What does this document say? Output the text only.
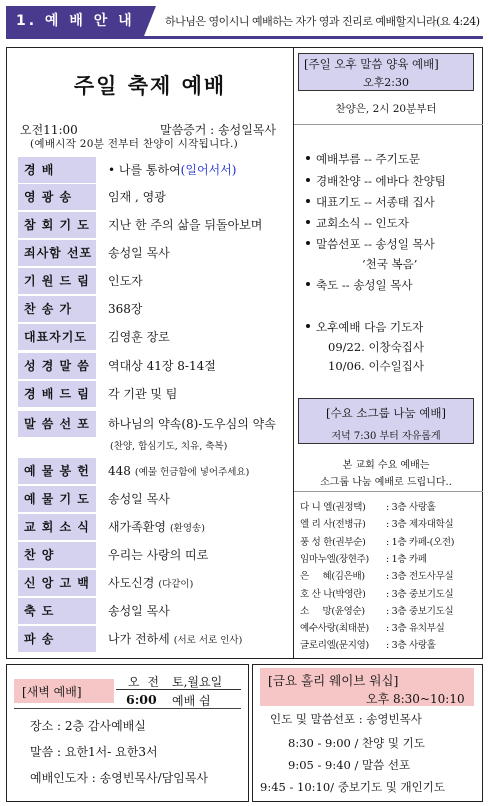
1. 예 배 안 내	하나님은 영이시니 예배하는 자가 영과 진리로 예배할지니라(요 4:24)
주일 축제 예배
오전11:00	말씀증거 : 송성일목사
(예배시작 20분 전부터 찬양이 시작됩니다.)
경 배	• 나를 통하여(일어서서)
영 광 송	임재 , 영광
참 회 기 도	지난 한 주의 삶을 뒤돌아보며
죄사함 선포	송성일 목사
기 원 드 림	인도자
찬 송 가	368장
대표자기도	김영훈 장로
성 경 말 씀	역대상 41장 8-14절
경 배 드 림	각 기관 및 팀
말 씀 선 포	하나님의 약속(8)-도우심의 약속
(찬양, 합심기도, 치유, 축복)
예 물 봉 헌	448 (예물 헌금함에 넣어주세요)
예 물 기 도	송성일 목사
교 회 소 식	새가족환영 (환영송)
찬 양	우리는 사랑의 띠로
신 앙 고 백	사도신경 (다같이)
축 도	송성일 목사
파 송	나가 전하세 (서로 서로 인사)
[주일 오후 말씀 양육 예배]
오후2:30
찬양은, 2시 20분부터
예배부름 -- 주기도문
경배찬양 -- 에바다 찬양팀
대표기도 -- 서종태 집사
교회소식 -- 인도자
말씀선포 -- 송성일 목사
‘천국 복음’
축도 -- 송성일 목사
오후예배 다음 기도자
09/22. 이창숙집사
10/06. 이수일집사
[수요 소그룹 나눔 예배]
저녁 7:30 부터 자유롭게
본 교회 수요 예배는
소그룹 나눔 예배로 드립니다..
다 니 엘(권정택) : 3층 사랑홀
엘 리 사(전병규) : 3층 제자대학실
풍 성 한(권부순) : 1층 카페-(오전)
임마누엘(장현주) : 1층 카페
은     혜(김은배) : 3층 전도사무실
호 산 나(박영란) : 3층 중보기도실
소     망(윤영순) : 3층 중보기도실
예수사랑(최태분) : 3층 유치부실
글로리엘(문지영) : 3층 사랑홀
[새벽 예배]
오 전 토,월요일
6:00 예배 쉼
장소 : 2층 감사예배실
말씀 : 요한1서- 요한3서
예배인도자 : 송영빈목사/담임목사
[금요 홀리 웨이브 워십]
오후 8:30~10:10
인도 및 말씀선포 : 송영빈목사
8:30 - 9:00 / 찬양 및 기도
9:05 - 9:40 / 말씀 선포
9:45 - 10:10/ 중보기도 및 개인기도
